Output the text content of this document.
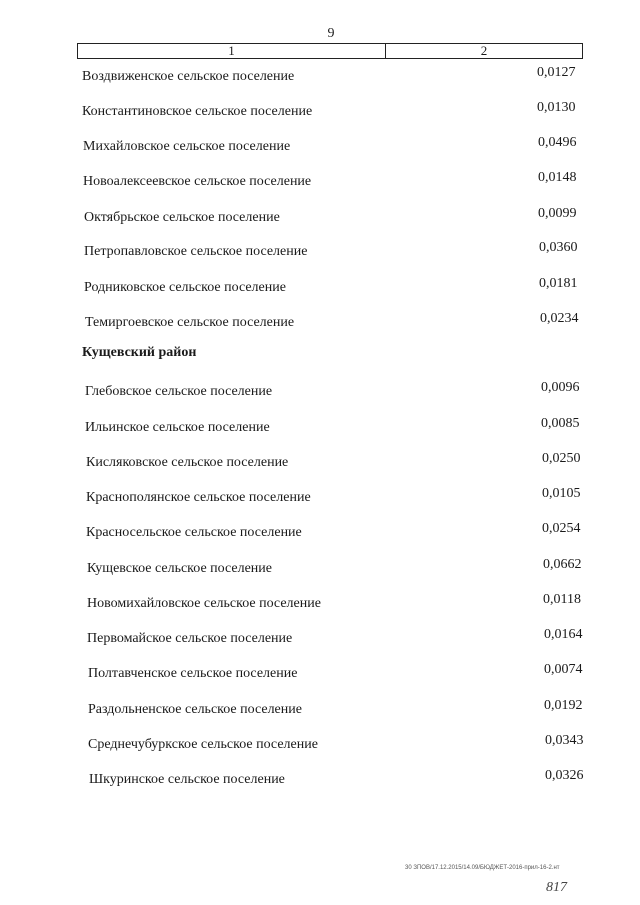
9
1	2
Воздвиженское сельское поселение	0,0127
Константиновское сельское поселение	0,0130
Михайловское сельское поселение	0,0496
Новоалексеевское сельское поселение	0,0148
Октябрьское сельское поселение	0,0099
Петропавловское сельское поселение	0,0360
Родниковское сельское поселение	0,0181
Темиргоевское сельское поселение	0,0234
Кущевский район
Глебовское сельское поселение	0,0096
Ильинское сельское поселение	0,0085
Кисляковское сельское поселение	0,0250
Краснополянское сельское поселение	0,0105
Красносельское сельское поселение	0,0254
Кущевское сельское поселение	0,0662
Новомихайловское сельское поселение	0,0118
Первомайское сельское поселение	0,0164
Полтавченское сельское поселение	0,0074
Раздольненское сельское поселение	0,0192
Среднечубуркское сельское поселение	0,0343
Шкуринское сельское поселение	0,0326
30 ЗПОВ/17.12.2015/14.09/БЮДЖЕТ-2016-прил-16-2.нт
817
